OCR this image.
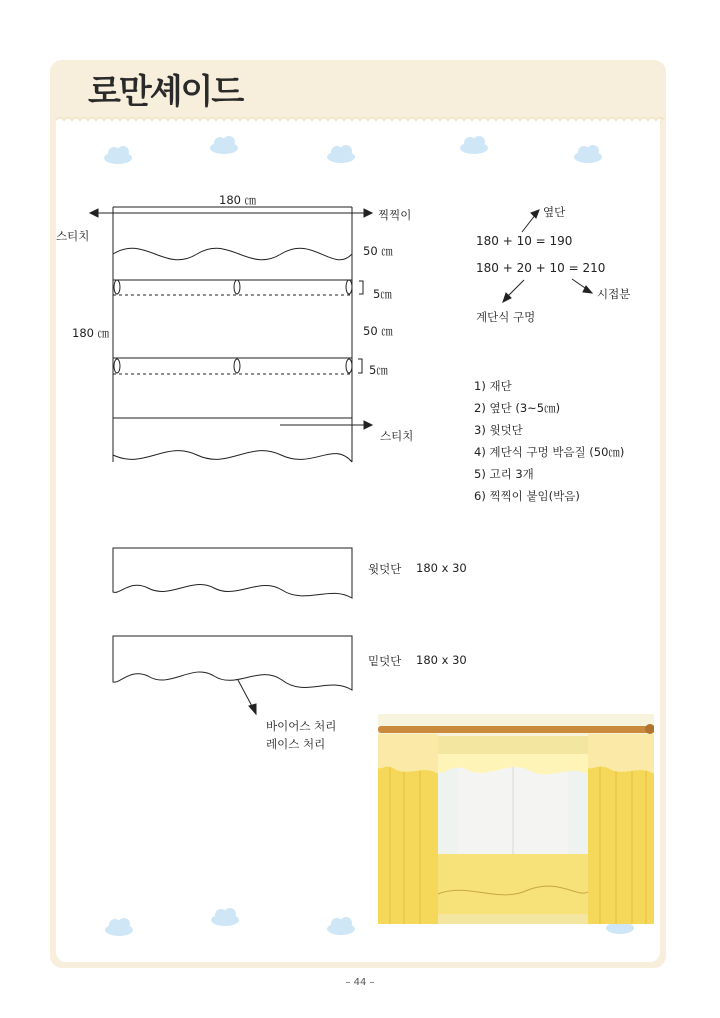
로만셰이드
180 ㎝
스티치
찍찍이
50 ㎝
5㎝
180 ㎝	50 ㎝
5㎝
스티치
옆단
180 + 10 = 190
180 + 20 + 10 = 210
시접분
계단식 구멍
1) 재단
2) 옆단 (3~5㎝)
3) 윗덧단
4) 계단식 구멍 박음질 (50㎝)
5) 고리 3개
6) 찍찍이 붙임(박음)
윗덧단 180 x 30
밑덧단 180 x 30
바이어스 처리
레이스 처리
– 44 –
